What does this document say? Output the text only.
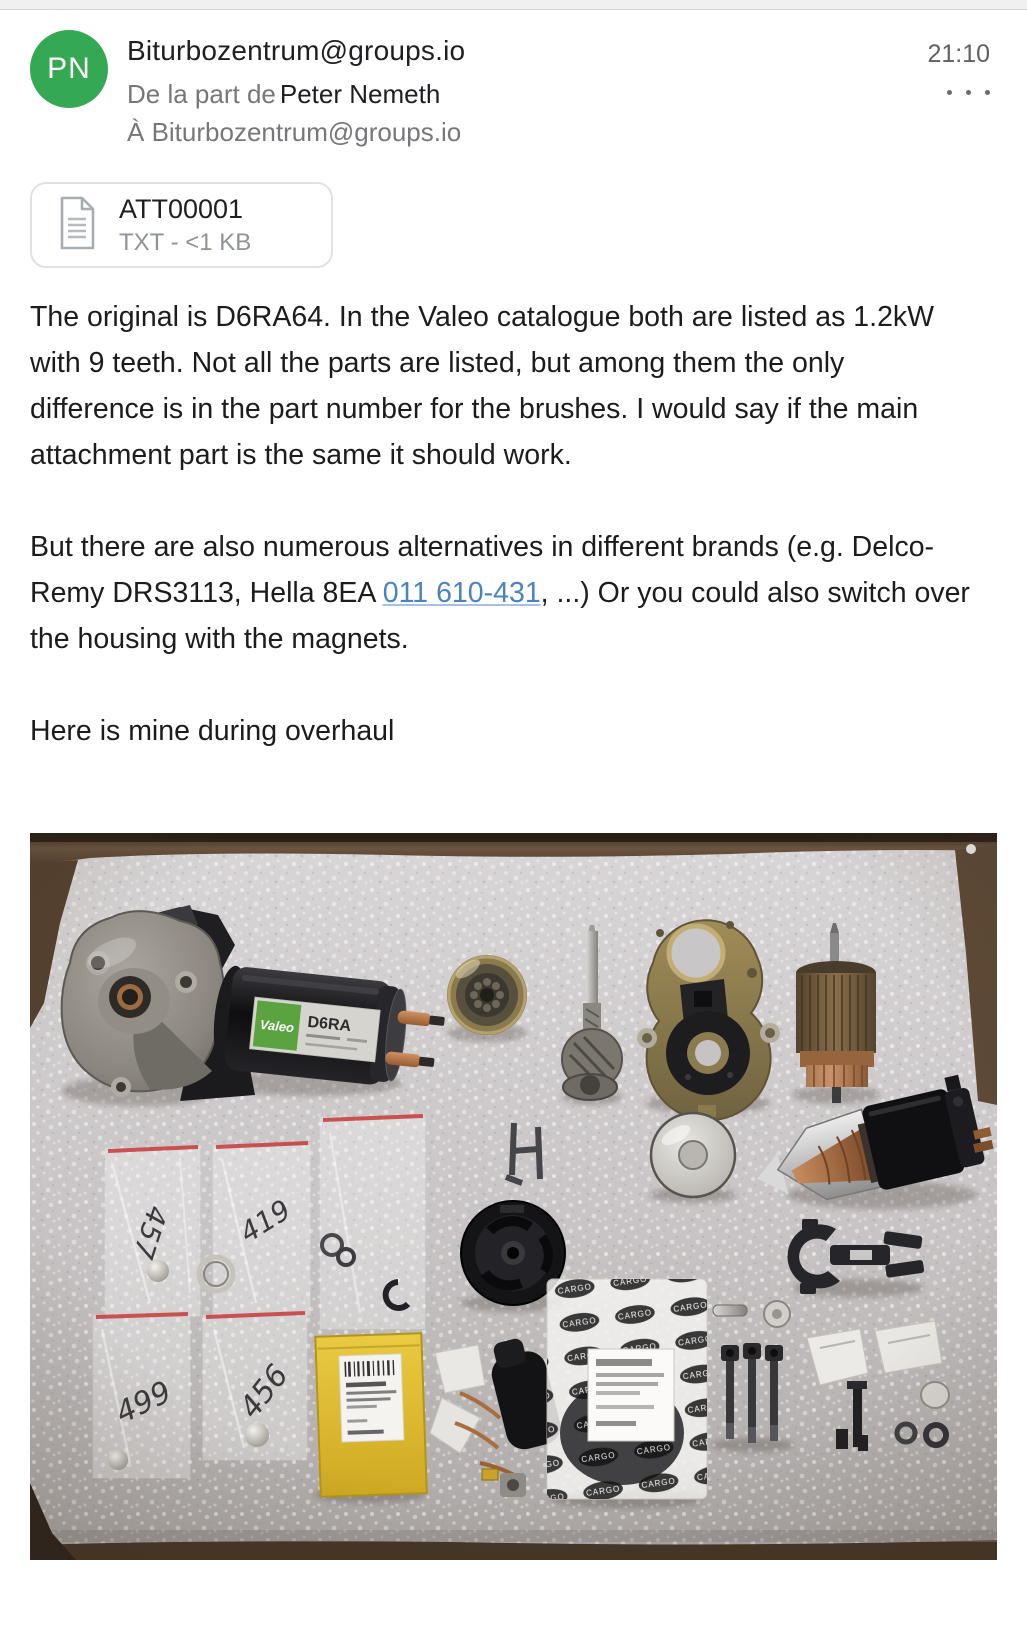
PN
Biturbozentrum@groups.io
De la part de Peter Nemeth
À Biturbozentrum@groups.io
21:10
ATT00001
TXT - <1 KB

The original is D6RA64. In the Valeo catalogue both are listed as 1.2kW with 9 teeth. Not all the parts are listed, but among them the only difference is in the part number for the brushes. I would say if the main attachment part is the same it should work.

But there are also numerous alternatives in different brands (e.g. Delco-Remy DRS3113, Hella 8EA 011 610-431, ...) Or you could also switch over the housing with the magnets.

Here is mine during overhaul
